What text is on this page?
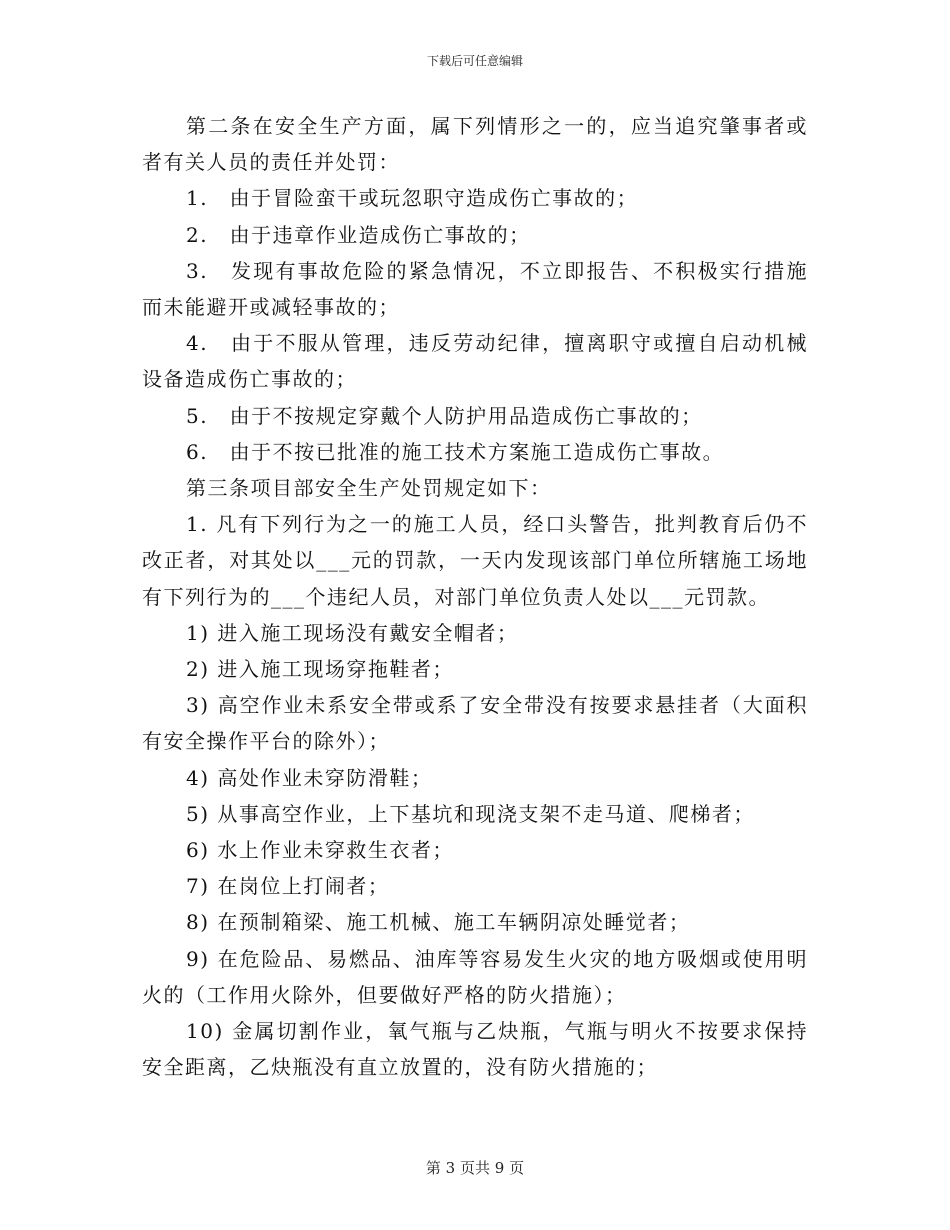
下载后可任意编辑

第二条在安全生产方面，属下列情形之一的，应当追究肇事者或者有关人员的责任并处罚：

1.　由于冒险蛮干或玩忽职守造成伤亡事故的；

2.　由于违章作业造成伤亡事故的；

3.　发现有事故危险的紧急情况，不立即报告、不积极实行措施而未能避开或减轻事故的；

4.　由于不服从管理，违反劳动纪律，擅离职守或擅自启动机械设备造成伤亡事故的；

5.　由于不按规定穿戴个人防护用品造成伤亡事故的；

6.　由于不按已批准的施工技术方案施工造成伤亡事故。

第三条项目部安全生产处罚规定如下：

1. 凡有下列行为之一的施工人员，经口头警告，批判教育后仍不改正者，对其处以___元的罚款，一天内发现该部门单位所辖施工场地有下列行为的___个违纪人员，对部门单位负责人处以___元罚款。

1) 进入施工现场没有戴安全帽者；

2) 进入施工现场穿拖鞋者；

3) 高空作业未系安全带或系了安全带没有按要求悬挂者（大面积有安全操作平台的除外）；

4) 高处作业未穿防滑鞋；

5) 从事高空作业，上下基坑和现浇支架不走马道、爬梯者；

6) 水上作业未穿救生衣者；

7) 在岗位上打闹者；

8) 在预制箱梁、施工机械、施工车辆阴凉处睡觉者；

9) 在危险品、易燃品、油库等容易发生火灾的地方吸烟或使用明火的（工作用火除外，但要做好严格的防火措施）；

10) 金属切割作业，氧气瓶与乙炔瓶，气瓶与明火不按要求保持安全距离，乙炔瓶没有直立放置的，没有防火措施的；

第 3 页共 9 页
